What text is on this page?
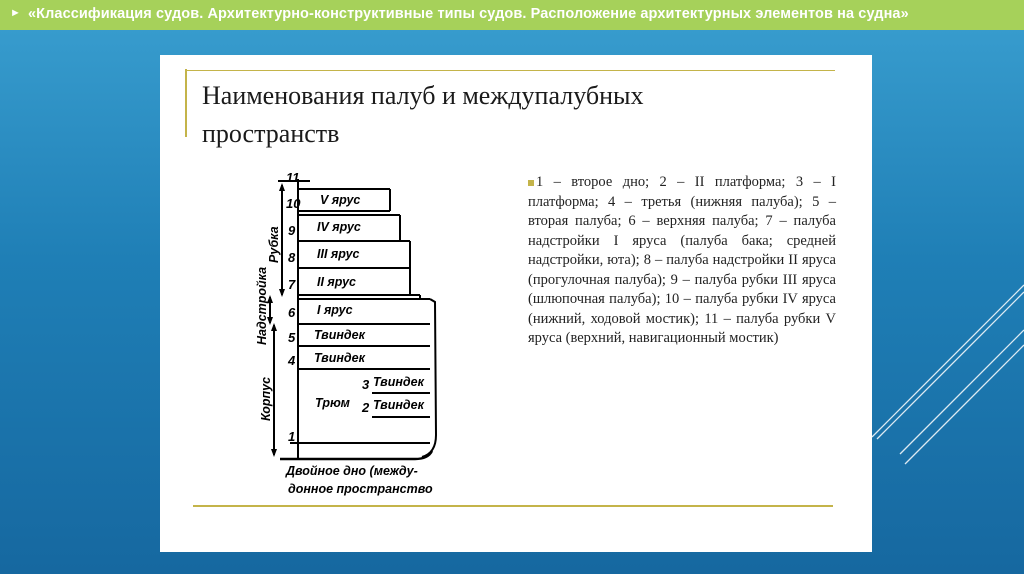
► «Классификация судов. Архитектурно-конструктивные типы судов. Расположение архитектурных элементов на судна»
Наименования палуб и междупалубных пространств
1 – второе дно; 2 – II платформа; 3 – I платформа; 4 – третья (нижняя палуба); 5 – вторая палуба; 6 – верхняя палуба; 7 – палуба надстройки I яруса (палуба бака; средней надстройки, юта); 8 – палуба надстройки II яруса (прогулочная палуба); 9 – палуба рубки III яруса (шлюпочная палуба); 10 – палуба рубки IV яруса (нижний, ходовой мостик); 11 – палуба рубки V яруса (верхний, навигационный мостик)
11
10
9
8
7
6
5
4
3
2
1
V ярус
IV ярус
III ярус
II ярус
I ярус
Твиндек
Твиндек
Твиндек
Твиндек
Трюм
Рубка
Надстройка
Корпус
Двойное дно (между-
донное пространство
